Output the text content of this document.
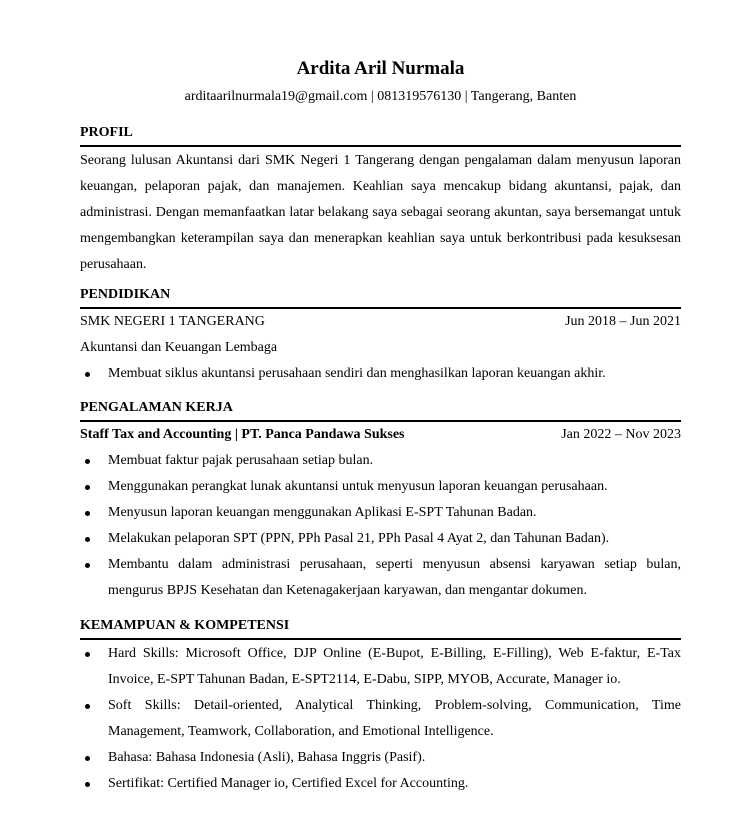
Ardita Aril Nurmala
arditaarilnurmala19@gmail.com | 081319576130 | Tangerang, Banten
PROFIL
Seorang lulusan Akuntansi dari SMK Negeri 1 Tangerang dengan pengalaman dalam menyusun laporan keuangan, pelaporan pajak, dan manajemen. Keahlian saya mencakup bidang akuntansi, pajak, dan administrasi. Dengan memanfaatkan latar belakang saya sebagai seorang akuntan, saya bersemangat untuk mengembangkan keterampilan saya dan menerapkan keahlian saya untuk berkontribusi pada kesuksesan perusahaan.
PENDIDIKAN
SMK NEGERI 1 TANGERANG	Jun 2018 – Jun 2021
Akuntansi dan Keuangan Lembaga
Membuat siklus akuntansi perusahaan sendiri dan menghasilkan laporan keuangan akhir.
PENGALAMAN KERJA
Staff Tax and Accounting | PT. Panca Pandawa Sukses	Jan 2022 – Nov 2023
Membuat faktur pajak perusahaan setiap bulan.
Menggunakan perangkat lunak akuntansi untuk menyusun laporan keuangan perusahaan.
Menyusun laporan keuangan menggunakan Aplikasi E-SPT Tahunan Badan.
Melakukan pelaporan SPT (PPN, PPh Pasal 21, PPh Pasal 4 Ayat 2, dan Tahunan Badan).
Membantu dalam administrasi perusahaan, seperti menyusun absensi karyawan setiap bulan, mengurus BPJS Kesehatan dan Ketenagakerjaan karyawan, dan mengantar dokumen.
KEMAMPUAN & KOMPETENSI
Hard Skills: Microsoft Office, DJP Online (E-Bupot, E-Billing, E-Filling), Web E-faktur, E-Tax Invoice, E-SPT Tahunan Badan, E-SPT2114, E-Dabu, SIPP, MYOB, Accurate, Manager io.
Soft Skills: Detail-oriented, Analytical Thinking, Problem-solving, Communication, Time Management, Teamwork, Collaboration, and Emotional Intelligence.
Bahasa: Bahasa Indonesia (Asli), Bahasa Inggris (Pasif).
Sertifikat: Certified Manager io, Certified Excel for Accounting.
